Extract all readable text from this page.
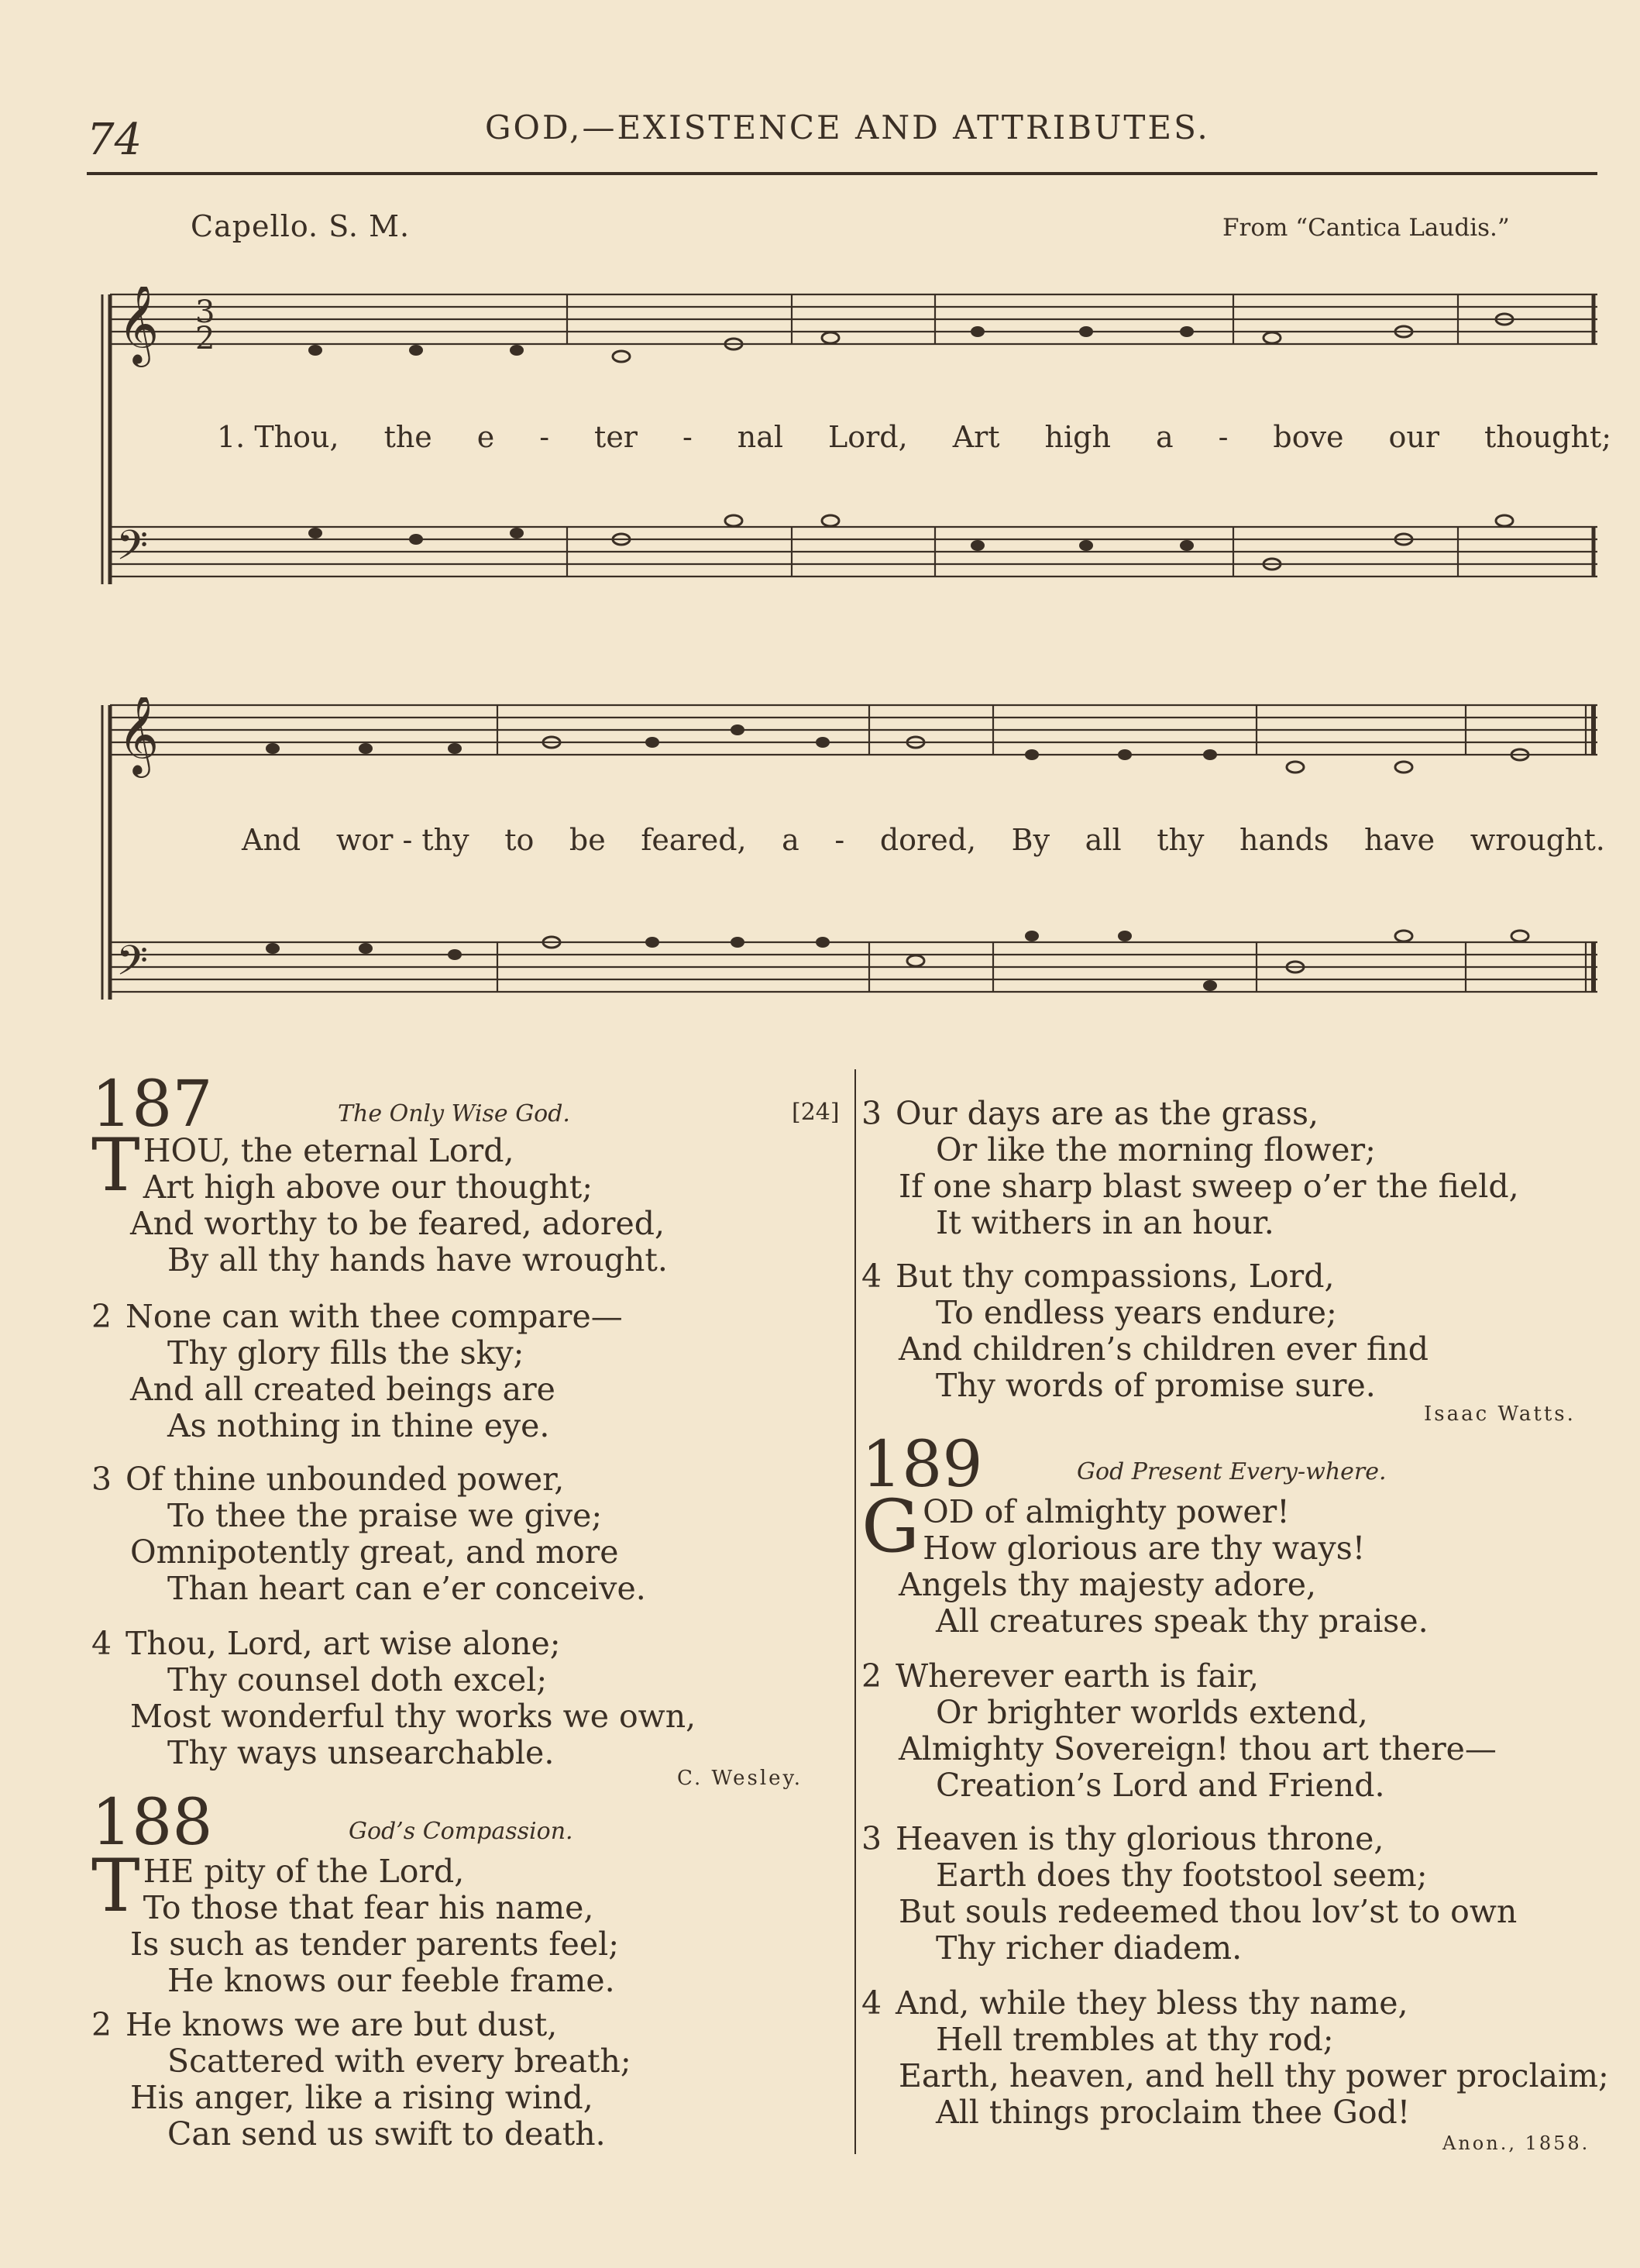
74	GOD,—EXISTENCE AND ATTRIBUTES.
Capello. S. M.	From “Cantica Laudis.”
𝄞 3
2
𝄢
1. Thou, the e - ter - nal Lord, Art high a - bove our thought;
𝄞
𝄢
And wor - thy to be feared, a - dored, By all thy hands have wrought.
187	The Only Wise God.	[24]
T HOU, the eternal Lord,
Art high above our thought;
And worthy to be feared, adored,
By all thy hands have wrought.
2 None can with thee compare—
Thy glory fills the sky;
And all created beings are
As nothing in thine eye.
3 Of thine unbounded power,
To thee the praise we give;
Omnipotently great, and more
Than heart can e’er conceive.
4 Thou, Lord, art wise alone;
Thy counsel doth excel;
Most wonderful thy works we own,
Thy ways unsearchable.
C. Wesley.
188	God’s Compassion.
T HE pity of the Lord,
To those that fear his name,
Is such as tender parents feel;
He knows our feeble frame.
2 He knows we are but dust,
Scattered with every breath;
His anger, like a rising wind,
Can send us swift to death.
3 Our days are as the grass,
Or like the morning flower;
If one sharp blast sweep o’er the field,
It withers in an hour.
4 But thy compassions, Lord,
To endless years endure;
And children’s children ever find
Thy words of promise sure.
Isaac Watts.
189	God Present Every-where.
G OD of almighty power!
How glorious are thy ways!
Angels thy majesty adore,
All creatures speak thy praise.
2 Wherever earth is fair,
Or brighter worlds extend,
Almighty Sovereign! thou art there—
Creation’s Lord and Friend.
3 Heaven is thy glorious throne,
Earth does thy footstool seem;
But souls redeemed thou lov’st to own
Thy richer diadem.
4 And, while they bless thy name,
Hell trembles at thy rod;
Earth, heaven, and hell thy power proclaim;
All things proclaim thee God!
Anon., 1858.
